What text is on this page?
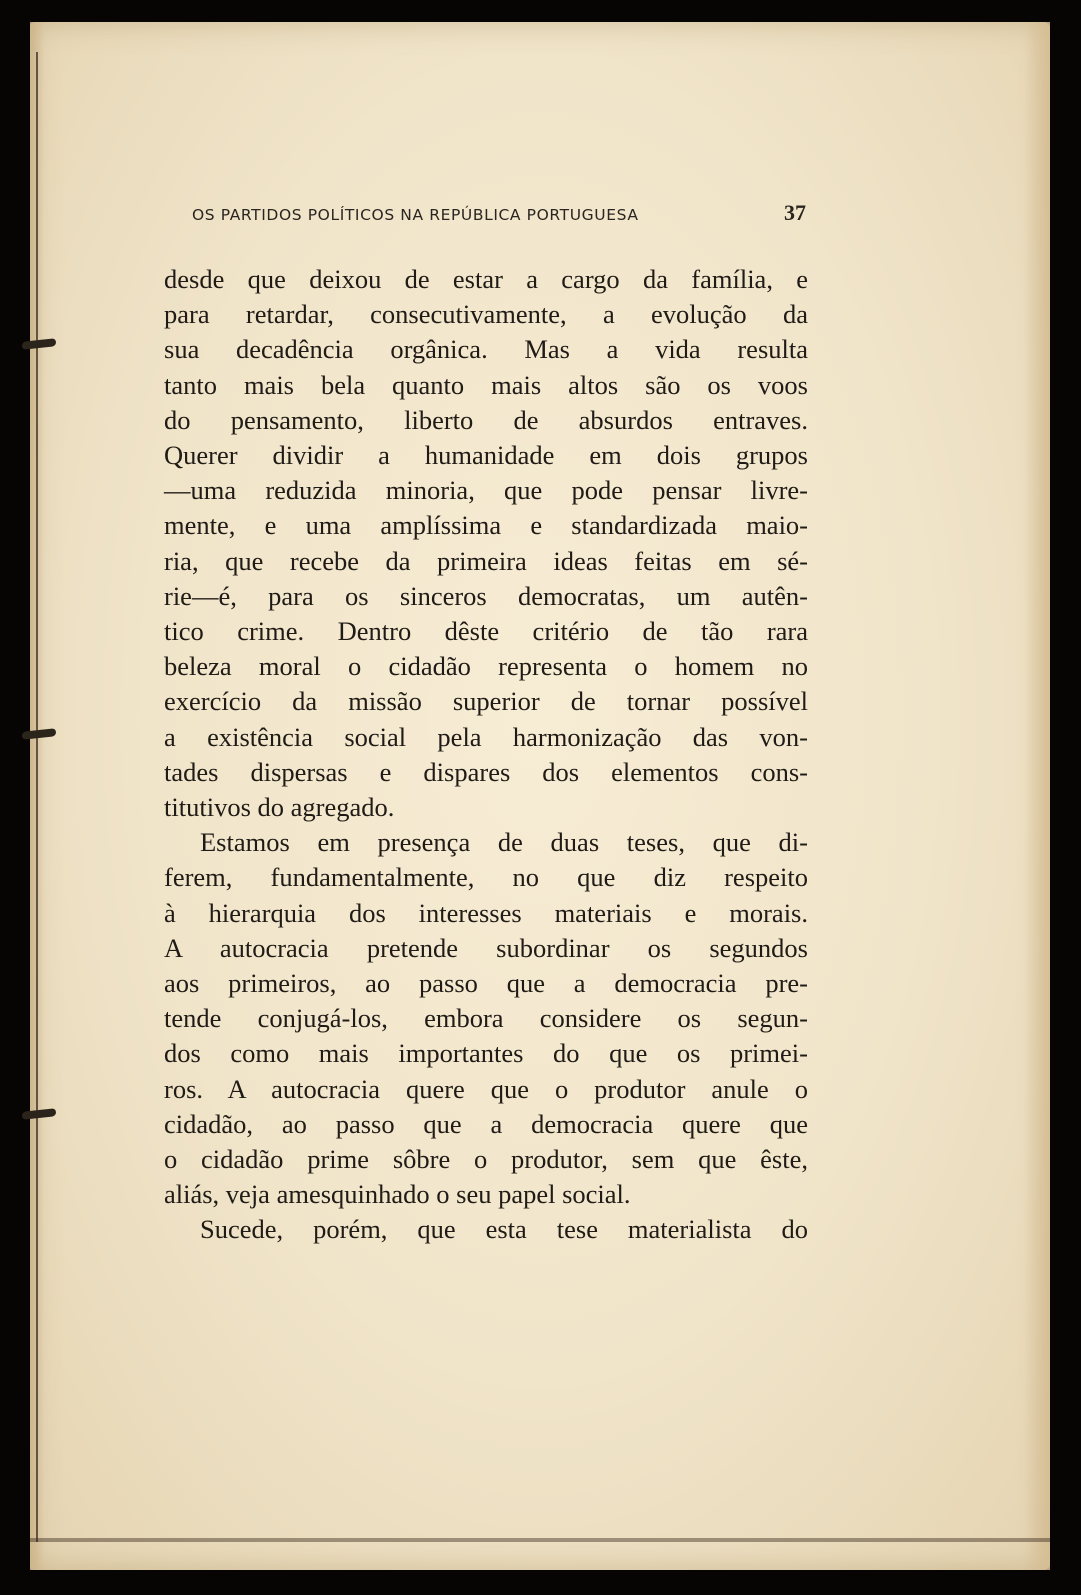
OS PARTIDOS POLÍTICOS NA REPÚBLICA PORTUGUESA	37
desde que deixou de estar a cargo da família, e
para retardar, consecutivamente, a evolução da
sua decadência orgânica. Mas a vida resulta
tanto mais bela quanto mais altos são os voos
do pensamento, liberto de absurdos entraves.
Querer dividir a humanidade em dois grupos
—uma reduzida minoria, que pode pensar livre-
mente, e uma amplíssima e standardizada maio-
ria, que recebe da primeira ideas feitas em sé-
rie—é, para os sinceros democratas, um autên-
tico crime. Dentro dêste critério de tão rara
beleza moral o cidadão representa o homem no
exercício da missão superior de tornar possível
a existência social pela harmonização das von-
tades dispersas e dispares dos elementos cons-
titutivos do agregado.
Estamos em presença de duas teses, que di-
ferem, fundamentalmente, no que diz respeito
à hierarquia dos interesses materiais e morais.
A autocracia pretende subordinar os segundos
aos primeiros, ao passo que a democracia pre-
tende conjugá-los, embora considere os segun-
dos como mais importantes do que os primei-
ros. A autocracia quere que o produtor anule o
cidadão, ao passo que a democracia quere que
o cidadão prime sôbre o produtor, sem que êste,
aliás, veja amesquinhado o seu papel social.
Sucede, porém, que esta tese materialista do
